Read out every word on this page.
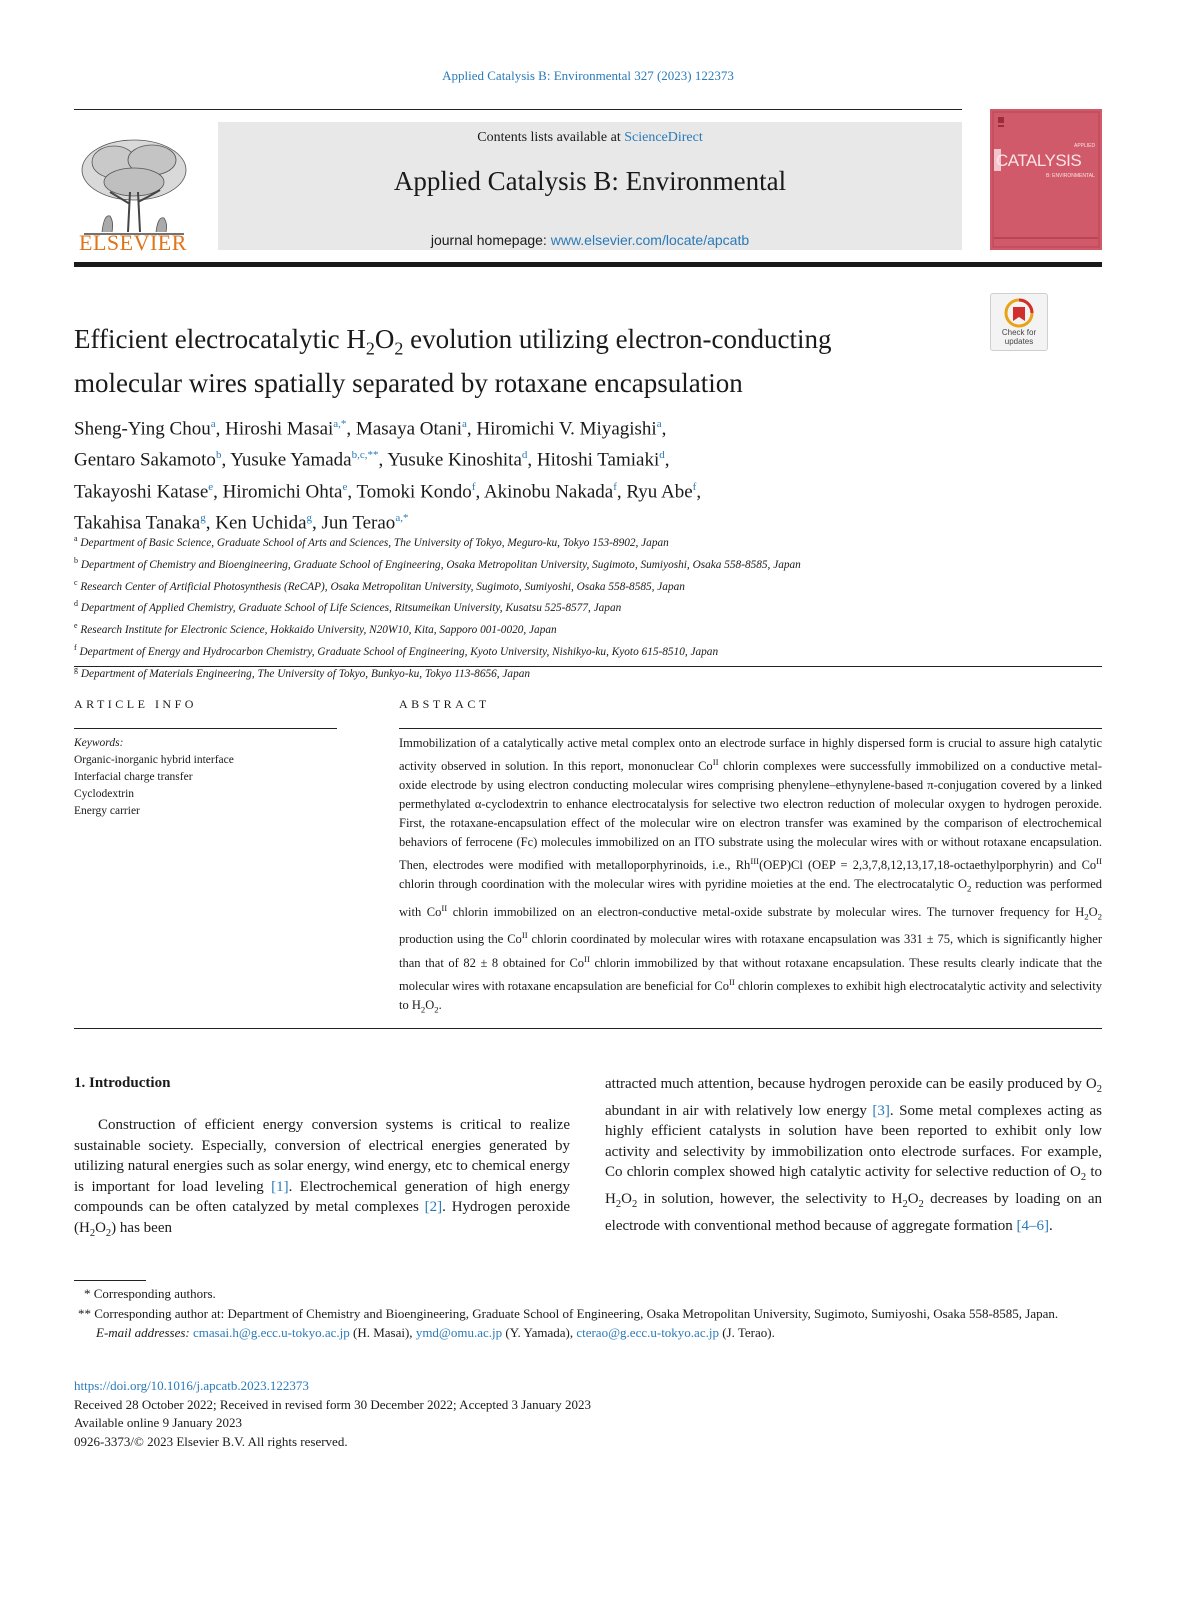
Applied Catalysis B: Environmental 327 (2023) 122373
ELSEVIER
Contents lists available at ScienceDirect
Applied Catalysis B: Environmental
journal homepage: www.elsevier.com/locate/apcatb
APPLIED
CATALYSIS
B: ENVIRONMENTAL
Check for
updates
Efficient electrocatalytic $H_2O_2$ evolution utilizing electron-conducting
molecular wires spatially separated by rotaxane encapsulation
Sheng-Ying Chou$^a$, Hiroshi Masai$^{a,*}$, Masaya Otani$^a$, Hiromichi V. Miyagishi$^a$,
Gentaro Sakamoto$^b$, Yusuke Yamada$^{b,c,**}$, Yusuke Kinoshita$^d$, Hitoshi Tamiaki$^d$,
Takayoshi Katase$^e$, Hiromichi Ohta$^e$, Tomoki Kondo$^f$, Akinobu Nakada$^f$, Ryu Abe$^f$,
Takahisa Tanaka$^g$, Ken Uchida$^g$, Jun Terao$^{a,*}$
$^a$ Department of Basic Science, Graduate School of Arts and Sciences, The University of Tokyo, Meguro-ku, Tokyo 153-8902, Japan
$^b$ Department of Chemistry and Bioengineering, Graduate School of Engineering, Osaka Metropolitan University, Sugimoto, Sumiyoshi, Osaka 558-8585, Japan
$^c$ Research Center of Artificial Photosynthesis (ReCAP), Osaka Metropolitan University, Sugimoto, Sumiyoshi, Osaka 558-8585, Japan
$^d$ Department of Applied Chemistry, Graduate School of Life Sciences, Ritsumeikan University, Kusatsu 525-8577, Japan
$^e$ Research Institute for Electronic Science, Hokkaido University, N20W10, Kita, Sapporo 001-0020, Japan
$^f$ Department of Energy and Hydrocarbon Chemistry, Graduate School of Engineering, Kyoto University, Nishikyo-ku, Kyoto 615-8510, Japan
$^g$ Department of Materials Engineering, The University of Tokyo, Bunkyo-ku, Tokyo 113-8656, Japan
ARTICLE INFO	ABSTRACT
Keywords:
Organic-inorganic hybrid interface
Interfacial charge transfer
Cyclodextrin
Energy carrier
Immobilization of a catalytically active metal complex onto an electrode surface in highly dispersed form is crucial to assure high catalytic activity observed in solution. In this report, mononuclear $Co^{II}$ chlorin complexes were successfully immobilized on a conductive metal-oxide electrode by using electron conducting molecular wires comprising phenylene–ethynylene-based π-conjugation covered by a linked permethylated α-cyclodextrin to enhance electrocatalysis for selective two electron reduction of molecular oxygen to hydrogen peroxide. First, the rotaxane-encapsulation effect of the molecular wire on electron transfer was examined by the comparison of electrochemical behaviors of ferrocene (Fc) molecules immobilized on an ITO substrate using the molecular wires with or without rotaxane encapsulation. Then, electrodes were modified with metalloporphyrinoids, i.e., $Rh^{III}(OEP)Cl$ (OEP = 2,3,7,8,12,13,17,18-octaethylporphyrin) and $Co^{II}$ chlorin through coordination with the molecular wires with pyridine moieties at the end. The electrocatalytic $O_2$ reduction was performed with $Co^{II}$ chlorin immobilized on an electron-conductive metal-oxide substrate by molecular wires. The turnover frequency for $H_2O_2$ production using the $Co^{II}$ chlorin coordinated by molecular wires with rotaxane encapsulation was 331 ± 75, which is significantly higher than that of 82 ± 8 obtained for $Co^{II}$ chlorin immobilized by that without rotaxane encapsulation. These results clearly indicate that the molecular wires with rotaxane encapsulation are beneficial for $Co^{II}$ chlorin complexes to exhibit high electrocatalytic activity and selectivity to $H_2O_2$.
1. Introduction

Construction of efficient energy conversion systems is critical to realize sustainable society. Especially, conversion of electrical energies generated by utilizing natural energies such as solar energy, wind energy, etc to chemical energy is important for load leveling [1]. Electrochemical generation of high energy compounds can be often catalyzed by metal complexes [2]. Hydrogen peroxide $(H_2O_2)$ has been

attracted much attention, because hydrogen peroxide can be easily produced by $O_2$ abundant in air with relatively low energy [3]. Some metal complexes acting as highly efficient catalysts in solution have been reported to exhibit only low activity and selectivity by immobilization onto electrode surfaces. For example, Co chlorin complex showed high catalytic activity for selective reduction of $O_2$ to $H_2O_2$ in solution, however, the selectivity to $H_2O_2$ decreases by loading on an electrode with conventional method because of aggregate formation [4–6].

* Corresponding authors.

** Corresponding author at: Department of Chemistry and Bioengineering, Graduate School of Engineering, Osaka Metropolitan University, Sugimoto, Sumiyoshi, Osaka 558-8585, Japan.

E-mail addresses: cmasai.h@g.ecc.u-tokyo.ac.jp (H. Masai), ymd@omu.ac.jp (Y. Yamada), cterao@g.ecc.u-tokyo.ac.jp (J. Terao).

https://doi.org/10.1016/j.apcatb.2023.122373

Received 28 October 2022; Received in revised form 30 December 2022; Accepted 3 January 2023

Available online 9 January 2023

0926-3373/© 2023 Elsevier B.V. All rights reserved.
